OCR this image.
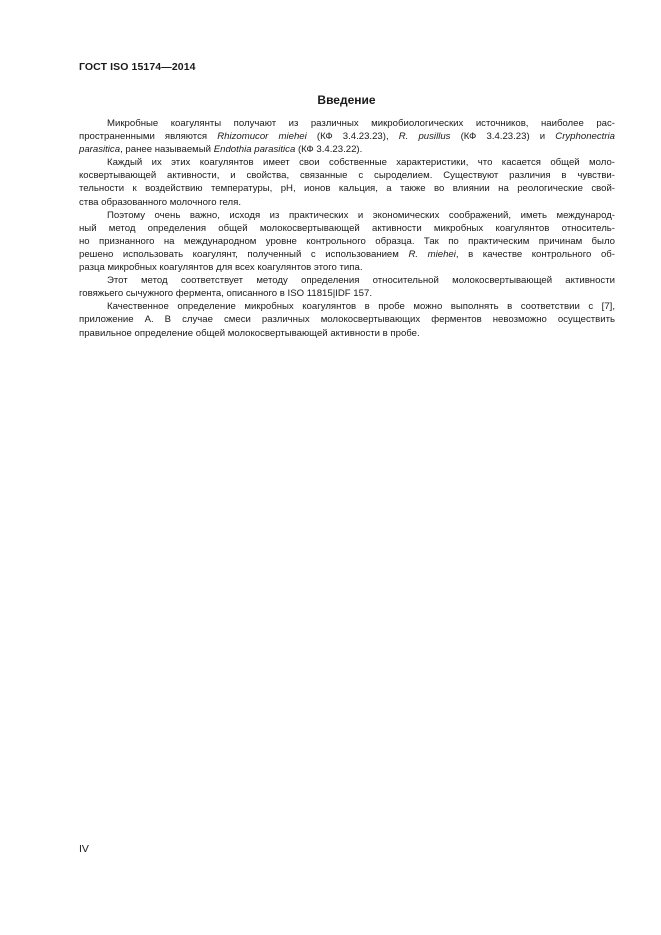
ГОСТ ISO 15174—2014
Введение

Микробные коагулянты получают из различных микробиологических источников, наиболее рас-
пространенными являются Rhizomucor miehei (КФ 3.4.23.23), R. pusillus (КФ 3.4.23.23) и Cryphonectria
parasitica, ранее называемый Endothia parasitica (КФ 3.4.23.22).

Каждый их этих коагулянтов имеет свои собственные характеристики, что касается общей моло-
косвертывающей активности, и свойства, связанные с сыроделием. Существуют различия в чувстви-
тельности к воздействию температуры, pH, ионов кальция, а также во влиянии на реологические свой-
ства образованного молочного геля.

Поэтому очень важно, исходя из практических и экономических соображений, иметь международ-
ный метод определения общей молокосвертывающей активности микробных коагулянтов относитель-
но признанного на международном уровне контрольного образца. Так по практическим причинам было
решено использовать коагулянт, полученный с использованием R. miehei, в качестве контрольного об-
разца микробных коагулянтов для всех коагулянтов этого типа.

Этот метод соответствует методу определения относительной молокосвертывающей активности
говяжьего сычужного фермента, описанного в ISO 11815|IDF 157.

Качественное определение микробных коагулянтов в пробе можно выполнять в соответствии с [7],
приложение А. В случае смеси различных молокосвертывающих ферментов невозможно осуществить
правильное определение общей молокосвертывающей активности в пробе.

IV
